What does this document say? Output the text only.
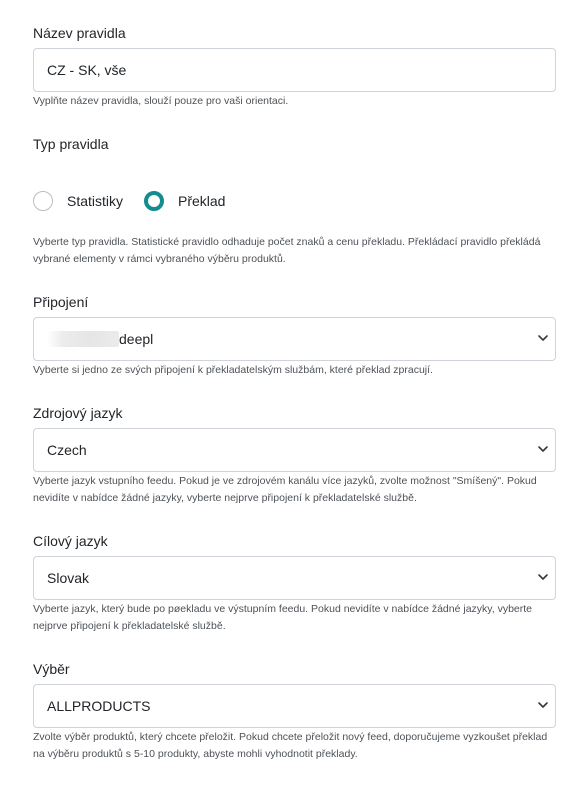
Název pravidla
CZ - SK, vše
Vyplňte název pravidla, slouží pouze pro vaši orientaci.
Typ pravidla
Statistiky	Překlad
Vyberte typ pravidla. Statistické pravidlo odhaduje počet znaků a cenu překladu. Překládací pravidlo překládá vybrané elementy v rámci vybraného výběru produktů.
Připojení
deepl
Vyberte si jedno ze svých připojení k překladatelským službám, které překlad zpracují.
Zdrojový jazyk
Czech
Vyberte jazyk vstupního feedu. Pokud je ve zdrojovém kanálu více jazyků, zvolte možnost "Smíšený". Pokud nevidíte v nabídce žádné jazyky, vyberte nejprve připojení k překladatelské službě.
Cílový jazyk
Slovak
Vyberte jazyk, který bude po pøekladu ve výstupním feedu. Pokud nevidíte v nabídce žádné jazyky, vyberte nejprve připojení k překladatelské službě.
Výběr
ALLPRODUCTS
Zvolte výběr produktů, který chcete přeložit. Pokud chcete přeložit nový feed, doporučujeme vyzkoušet překlad na výběru produktů s 5-10 produkty, abyste mohli vyhodnotit překlady.
